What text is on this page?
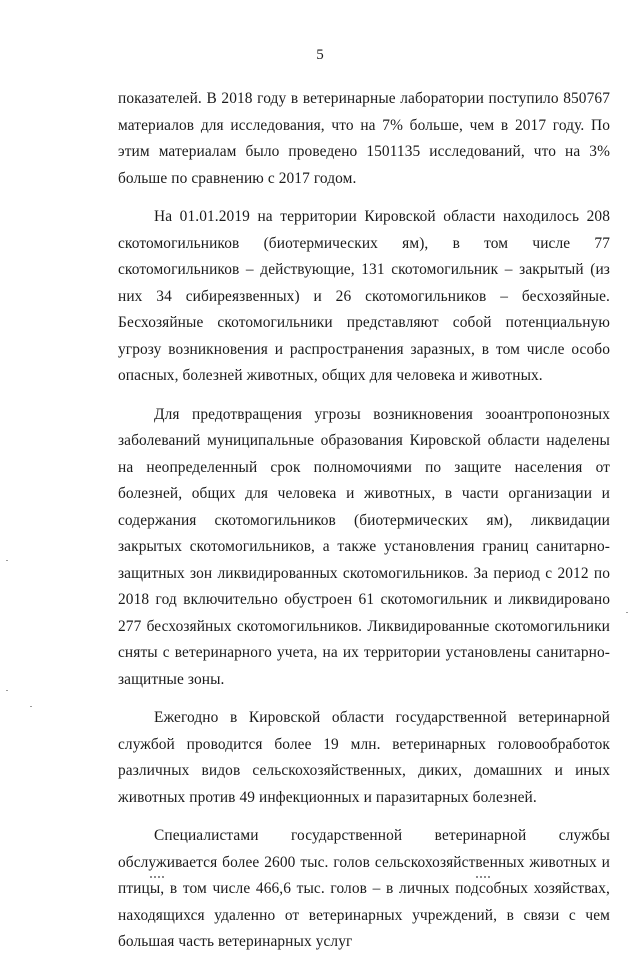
5

показателей. В 2018 году в ветеринарные лаборатории поступило 850767 материалов для исследования, что на 7% больше, чем в 2017 году. По этим материалам было проведено 1501135 исследований, что на 3% больше по сравнению с 2017 годом.

На 01.01.2019 на территории Кировской области находилось 208 скотомогильников (биотермических ям), в том числе 77 скотомогильников – действующие, 131 скотомогильник – закрытый (из них 34 сибиреязвенных) и 26 скотомогильников – бесхозяйные. Бесхозяйные скотомогильники представляют собой потенциальную угрозу возникновения и распространения заразных, в том числе особо опасных, болезней животных, общих для человека и животных.

Для предотвращения угрозы возникновения зооантропонозных заболеваний муниципальные образования Кировской области наделены на неопределенный срок полномочиями по защите населения от болезней, общих для человека и животных, в части организации и содержания скотомогильников (биотермических ям), ликвидации закрытых скотомогильников, а также установления границ санитарно-защитных зон ликвидированных скотомогильников. За период с 2012 по 2018 год включительно обустроен 61 скотомогильник и ликвидировано 277 бесхозяйных скотомогильников. Ликвидированные скотомогильники сняты с ветеринарного учета, на их территории установлены санитарно-защитные зоны.

Ежегодно в Кировской области государственной ветеринарной службой проводится более 19 млн. ветеринарных головообработок различных видов сельскохозяйственных, диких, домашних и иных животных против 49 инфекционных и паразитарных болезней.

Специалистами государственной ветеринарной службы обслуживается более 2600 тыс. голов сельскохозяйственных животных и птицы, в том числе 466,6 тыс. голов – в личных подсобных хозяйствах, находящихся удаленно от ветеринарных учреждений, в связи с чем большая часть ветеринарных услуг
